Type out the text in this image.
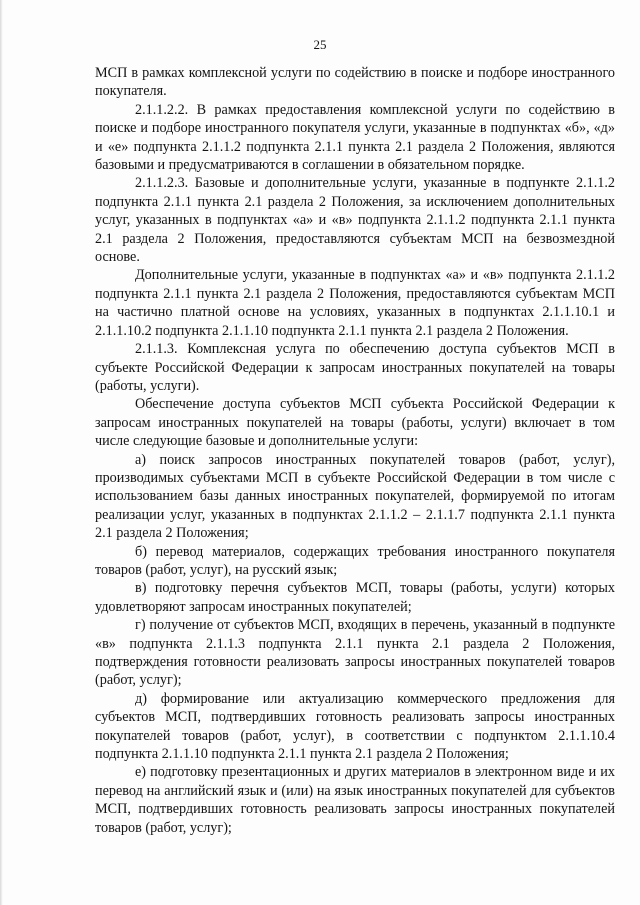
25

МСП в рамках комплексной услуги по содействию в поиске и подборе иностранного покупателя.

2.1.1.2.2. В рамках предоставления комплексной услуги по содействию в поиске и подборе иностранного покупателя услуги, указанные в подпунктах «б», «д» и «е» подпункта 2.1.1.2 подпункта 2.1.1 пункта 2.1 раздела 2 Положения, являются базовыми и предусматриваются в соглашении в обязательном порядке.

2.1.1.2.3. Базовые и дополнительные услуги, указанные в подпункте 2.1.1.2 подпункта 2.1.1 пункта 2.1 раздела 2 Положения, за исключением дополнительных услуг, указанных в подпунктах «а» и «в» подпункта 2.1.1.2 подпункта 2.1.1 пункта 2.1 раздела 2 Положения, предоставляются субъектам МСП на безвозмездной основе.

Дополнительные услуги, указанные в подпунктах «а» и «в» подпункта 2.1.1.2 подпункта 2.1.1 пункта 2.1 раздела 2 Положения, предоставляются субъектам МСП на частично платной основе на условиях, указанных в подпунктах 2.1.1.10.1 и 2.1.1.10.2 подпункта 2.1.1.10 подпункта 2.1.1 пункта 2.1 раздела 2 Положения.

2.1.1.3. Комплексная услуга по обеспечению доступа субъектов МСП в субъекте Российской Федерации к запросам иностранных покупателей на товары (работы, услуги).

Обеспечение доступа субъектов МСП субъекта Российской Федерации к запросам иностранных покупателей на товары (работы, услуги) включает в том числе следующие базовые и дополнительные услуги:

а) поиск запросов иностранных покупателей товаров (работ, услуг), производимых субъектами МСП в субъекте Российской Федерации в том числе с использованием базы данных иностранных покупателей, формируемой по итогам реализации услуг, указанных в подпунктах 2.1.1.2 – 2.1.1.7 подпункта 2.1.1 пункта 2.1 раздела 2 Положения;

б) перевод материалов, содержащих требования иностранного покупателя товаров (работ, услуг), на русский язык;

в) подготовку перечня субъектов МСП, товары (работы, услуги) которых удовлетворяют запросам иностранных покупателей;

г) получение от субъектов МСП, входящих в перечень, указанный в подпункте «в» подпункта 2.1.1.3 подпункта 2.1.1 пункта 2.1 раздела 2 Положения, подтверждения готовности реализовать запросы иностранных покупателей товаров (работ, услуг);

д) формирование или актуализацию коммерческого предложения для субъектов МСП, подтвердивших готовность реализовать запросы иностранных покупателей товаров (работ, услуг), в соответствии с подпунктом 2.1.1.10.4 подпункта 2.1.1.10 подпункта 2.1.1 пункта 2.1 раздела 2 Положения;

е) подготовку презентационных и других материалов в электронном виде и их перевод на английский язык и (или) на язык иностранных покупателей для субъектов МСП, подтвердивших готовность реализовать запросы иностранных покупателей товаров (работ, услуг);
